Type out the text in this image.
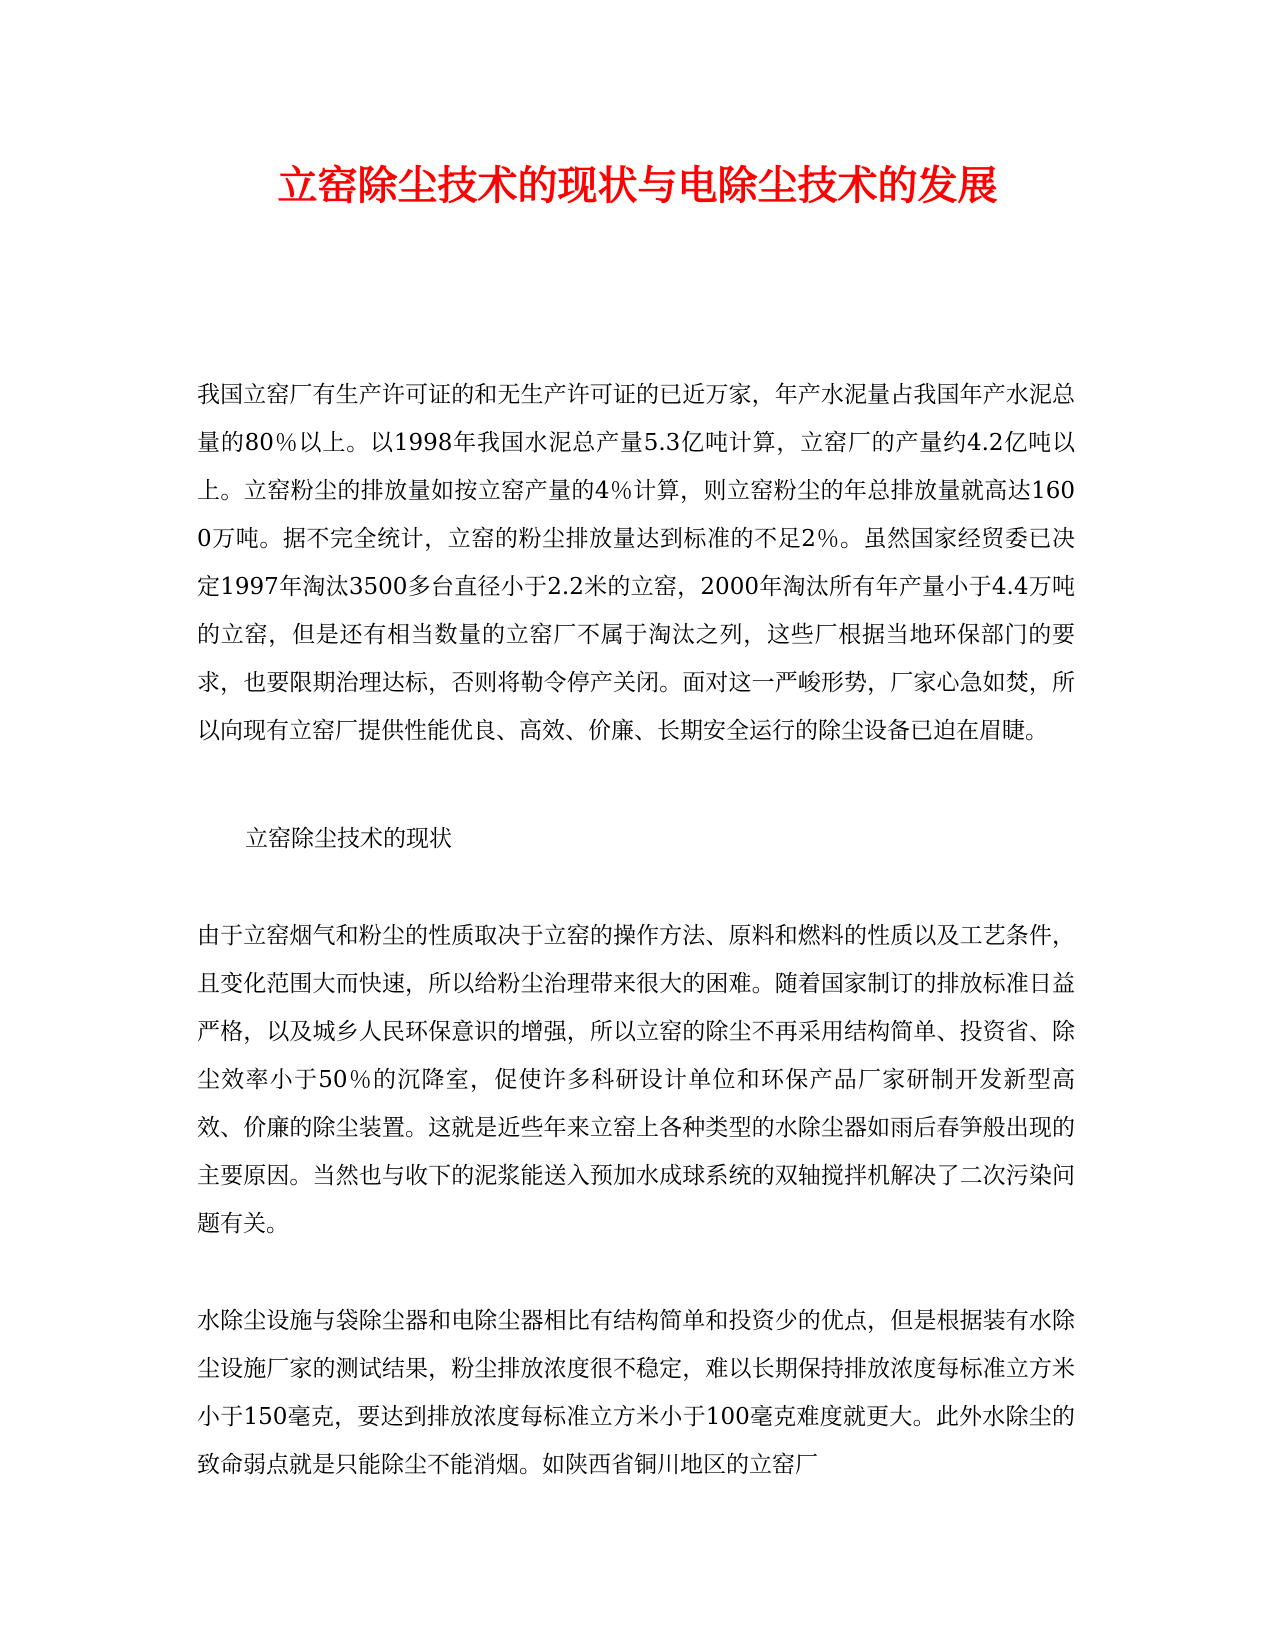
立窑除尘技术的现状与电除尘技术的发展

我国立窑厂有生产许可证的和无生产许可证的已近万家，年产水泥量占我国年产水泥总量的80％以上。以1998年我国水泥总产量5.3亿吨计算，立窑厂的产量约4.2亿吨以上。立窑粉尘的排放量如按立窑产量的4％计算，则立窑粉尘的年总排放量就高达1600万吨。据不完全统计，立窑的粉尘排放量达到标准的不足2％。虽然国家经贸委已决定1997年淘汰3500多台直径小于2.2米的立窑，2000年淘汰所有年产量小于4.4万吨的立窑，但是还有相当数量的立窑厂不属于淘汰之列，这些厂根据当地环保部门的要求，也要限期治理达标，否则将勒令停产关闭。面对这一严峻形势，厂家心急如焚，所以向现有立窑厂提供性能优良、高效、价廉、长期安全运行的除尘设备已迫在眉睫。

立窑除尘技术的现状

由于立窑烟气和粉尘的性质取决于立窑的操作方法、原料和燃料的性质以及工艺条件，且变化范围大而快速，所以给粉尘治理带来很大的困难。随着国家制订的排放标准日益严格，以及城乡人民环保意识的增强，所以立窑的除尘不再采用结构简单、投资省、除尘效率小于50％的沉降室，促使许多科研设计单位和环保产品厂家研制开发新型高效、价廉的除尘装置。这就是近些年来立窑上各种类型的水除尘器如雨后春笋般出现的主要原因。当然也与收下的泥浆能送入预加水成球系统的双轴搅拌机解决了二次污染问题有关。

水除尘设施与袋除尘器和电除尘器相比有结构简单和投资少的优点，但是根据装有水除尘设施厂家的测试结果，粉尘排放浓度很不稳定，难以长期保持排放浓度每标准立方米小于150毫克，要达到排放浓度每标准立方米小于100毫克难度就更大。此外水除尘的致命弱点就是只能除尘不能消烟。如陕西省铜川地区的立窑厂
